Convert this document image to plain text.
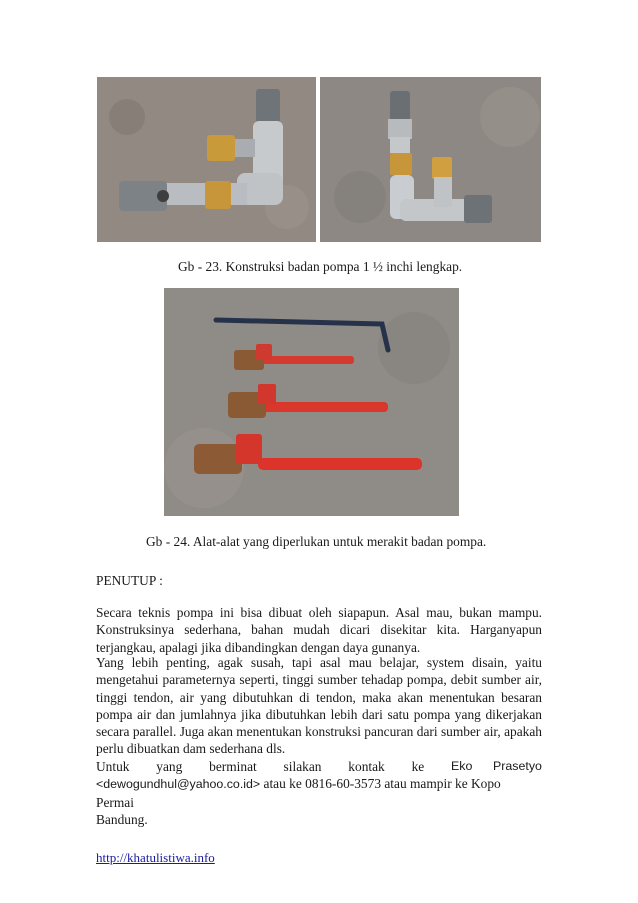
Gb - 23. Konstruksi badan pompa 1 ½ inchi lengkap.
Gb - 24. Alat-alat yang diperlukan untuk merakit badan pompa.
PENUTUP :

Secara teknis pompa ini bisa dibuat oleh siapapun. Asal mau, bukan mampu. Konstruksinya sederhana, bahan mudah dicari disekitar kita. Harganyapun terjangkau, apalagi jika dibandingkan dengan daya gunanya.

Yang lebih penting, agak susah, tapi asal mau belajar, system disain, yaitu mengetahui parameternya seperti, tinggi sumber tehadap pompa, debit sumber air, tinggi tendon, air yang dibutuhkan di tendon, maka akan menentukan besaran pompa air dan jumlahnya jika dibutuhkan lebih dari satu pompa yang dikerjakan secara parallel. Juga akan menentukan konstruksi pancuran dari sumber air, apakah perlu dibuatkan dam sederhana dls.

Untuk yang berminat silakan kontak ke Eko      Prasetyo
<dewogundhul@yahoo.co.id> atau ke 0816-60-3573 atau mampir ke Kopo Permai
Bandung.
http://khatulistiwa.info
